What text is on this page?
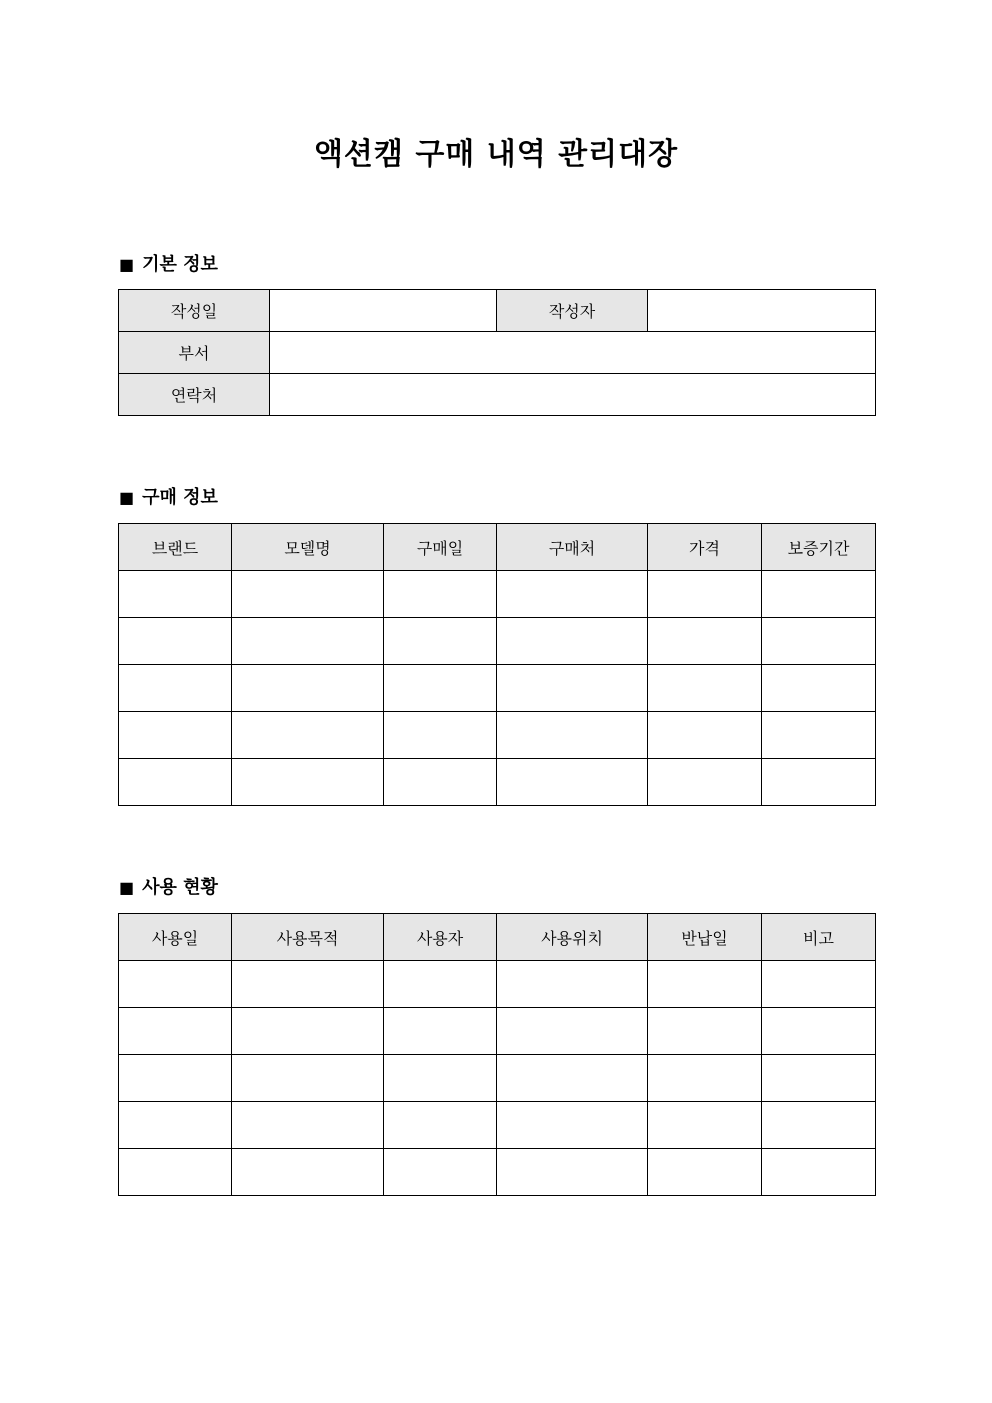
액션캠 구매 내역 관리대장
■ 기본 정보
작성일		작성자	
부서			
연락처			
■ 구매 정보
브랜드	모델명	구매일	구매처	가격	보증기간

■ 사용 현황
사용일	사용목적	사용자	사용위치	반납일	비고
